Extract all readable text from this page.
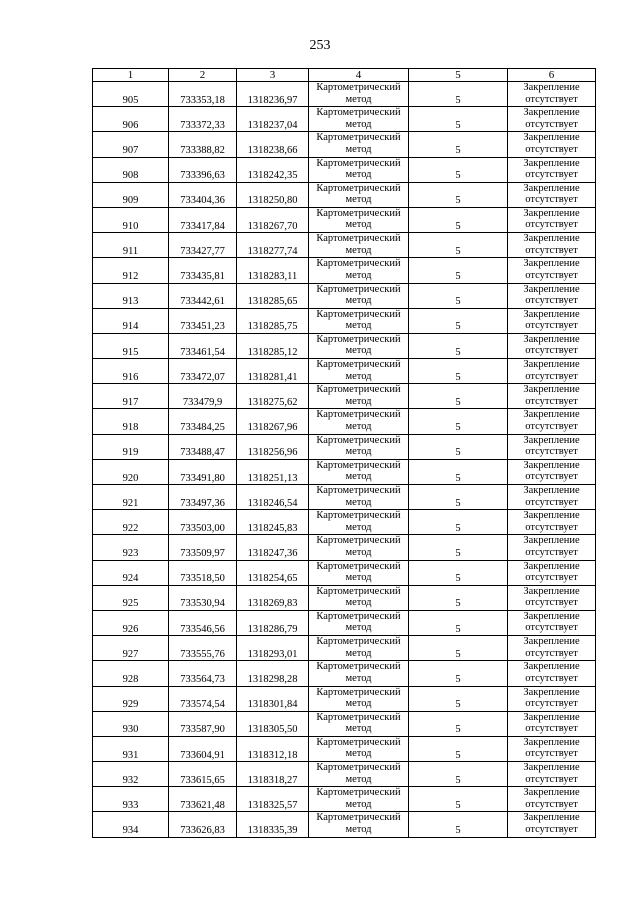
253
1	2	3	4	5	6
905	733353,18	1318236,97	Картометрический метод	5	Закрепление отсутствует
906	733372,33	1318237,04	Картометрический метод	5	Закрепление отсутствует
907	733388,82	1318238,66	Картометрический метод	5	Закрепление отсутствует
908	733396,63	1318242,35	Картометрический метод	5	Закрепление отсутствует
909	733404,36	1318250,80	Картометрический метод	5	Закрепление отсутствует
910	733417,84	1318267,70	Картометрический метод	5	Закрепление отсутствует
911	733427,77	1318277,74	Картометрический метод	5	Закрепление отсутствует
912	733435,81	1318283,11	Картометрический метод	5	Закрепление отсутствует
913	733442,61	1318285,65	Картометрический метод	5	Закрепление отсутствует
914	733451,23	1318285,75	Картометрический метод	5	Закрепление отсутствует
915	733461,54	1318285,12	Картометрический метод	5	Закрепление отсутствует
916	733472,07	1318281,41	Картометрический метод	5	Закрепление отсутствует
917	733479,9	1318275,62	Картометрический метод	5	Закрепление отсутствует
918	733484,25	1318267,96	Картометрический метод	5	Закрепление отсутствует
919	733488,47	1318256,96	Картометрический метод	5	Закрепление отсутствует
920	733491,80	1318251,13	Картометрический метод	5	Закрепление отсутствует
921	733497,36	1318246,54	Картометрический метод	5	Закрепление отсутствует
922	733503,00	1318245,83	Картометрический метод	5	Закрепление отсутствует
923	733509,97	1318247,36	Картометрический метод	5	Закрепление отсутствует
924	733518,50	1318254,65	Картометрический метод	5	Закрепление отсутствует
925	733530,94	1318269,83	Картометрический метод	5	Закрепление отсутствует
926	733546,56	1318286,79	Картометрический метод	5	Закрепление отсутствует
927	733555,76	1318293,01	Картометрический метод	5	Закрепление отсутствует
928	733564,73	1318298,28	Картометрический метод	5	Закрепление отсутствует
929	733574,54	1318301,84	Картометрический метод	5	Закрепление отсутствует
930	733587,90	1318305,50	Картометрический метод	5	Закрепление отсутствует
931	733604,91	1318312,18	Картометрический метод	5	Закрепление отсутствует
932	733615,65	1318318,27	Картометрический метод	5	Закрепление отсутствует
933	733621,48	1318325,57	Картометрический метод	5	Закрепление отсутствует
934	733626,83	1318335,39	Картометрический метод	5	Закрепление отсутствует
